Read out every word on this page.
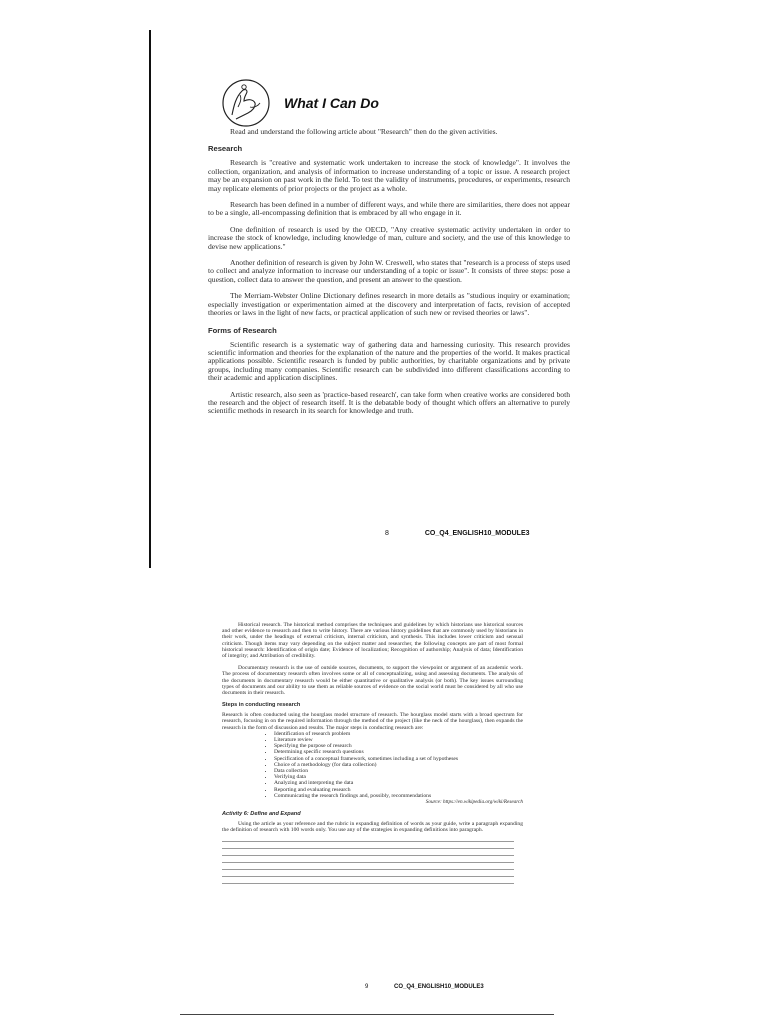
What I Can Do

Read and understand the following article about "Research" then do the given activities.

Research

Research is "creative and systematic work undertaken to increase the stock of knowledge". It involves the collection, organization, and analysis of information to increase understanding of a topic or issue. A research project may be an expansion on past work in the field. To test the validity of instruments, procedures, or experiments, research may replicate elements of prior projects or the project as a whole.

Research has been defined in a number of different ways, and while there are similarities, there does not appear to be a single, all-encompassing definition that is embraced by all who engage in it.

One definition of research is used by the OECD, "Any creative systematic activity undertaken in order to increase the stock of knowledge, including knowledge of man, culture and society, and the use of this knowledge to devise new applications."

Another definition of research is given by John W. Creswell, who states that "research is a process of steps used to collect and analyze information to increase our understanding of a topic or issue". It consists of three steps: pose a question, collect data to answer the question, and present an answer to the question.

The Merriam-Webster Online Dictionary defines research in more details as "studious inquiry or examination; especially investigation or experimentation aimed at the discovery and interpretation of facts, revision of accepted theories or laws in the light of new facts, or practical application of such new or revised theories or laws".

Forms of Research

Scientific research is a systematic way of gathering data and harnessing curiosity. This research provides scientific information and theories for the explanation of the nature and the properties of the world. It makes practical applications possible. Scientific research is funded by public authorities, by charitable organizations and by private groups, including many companies. Scientific research can be subdivided into different classifications according to their academic and application disciplines.

Artistic research, also seen as 'practice-based research', can take form when creative works are considered both the research and the object of research itself. It is the debatable body of thought which offers an alternative to purely scientific methods in research in its search for knowledge and truth.

8	CO_Q4_ENGLISH10_MODULE3

Historical research. The historical method comprises the techniques and guidelines by which historians use historical sources and other evidence to research and then to write history. There are various history guidelines that are commonly used by historians in their work, under the headings of external criticism, internal criticism, and synthesis. This includes lower criticism and sensual criticism. Though items may vary depending on the subject matter and researcher, the following concepts are part of most formal historical research: Identification of origin date; Evidence of localization; Recognition of authorship; Analysis of data; Identification of integrity; and Attribution of credibility.

Documentary research is the use of outside sources, documents, to support the viewpoint or argument of an academic work. The process of documentary research often involves some or all of conceptualizing, using and assessing documents. The analysis of the documents in documentary research would be either quantitative or qualitative analysis (or both). The key issues surrounding types of documents and our ability to use them as reliable sources of evidence on the social world must be considered by all who use documents in their research.

Steps in conducting research

Research is often conducted using the hourglass model structure of research. The hourglass model starts with a broad spectrum for research, focusing in on the required information through the method of the project (like the neck of the hourglass), then expands the research in the form of discussion and results. The major steps in conducting research are:

• Identification of research problem
• Literature review
• Specifying the purpose of research
• Determining specific research questions
• Specification of a conceptual framework, sometimes including a set of hypotheses
• Choice of a methodology (for data collection)
• Data collection
• Verifying data
• Analyzing and interpreting the data
• Reporting and evaluating research
• Communicating the research findings and, possibly, recommendations

Source: https://en.wikipedia.org/wiki/Research

Activity 6: Define and Expand

Using the article as your reference and the rubric in expanding definition of words as your guide, write a paragraph expanding the definition of research with 100 words only. You use any of the strategies in expanding definitions into paragraph.

9	CO_Q4_ENGLISH10_MODULE3
